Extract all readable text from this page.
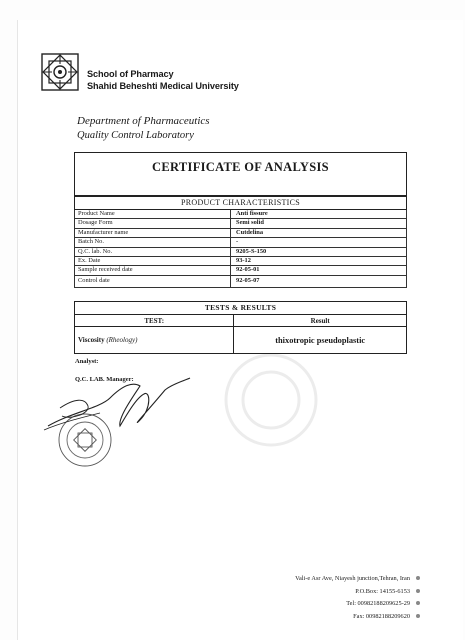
School of Pharmacy
Shahid Beheshti Medical University
Department of Pharmaceutics
Quality Control Laboratory
CERTIFICATE OF ANALYSIS
PRODUCT CHARACTERISTICS
Product Name	Anti fissure
Dosage Form	Semi solid
Manufacturer name	Cutdelina
Batch No.	-
Q.C. lab. No.	9205-S-150
Ex. Date	93-12
Sample received date	92-05-01
Control date	92-05-07
TESTS & RESULTS
TEST:	Result
Viscosity (Rheology)	thixotropic pseudoplastic
Analyst:
Q.C. LAB. Manager:
Vali-e Asr Ave, Niayesh junction,Tehran, Iran
P.O.Box: 14155-6153
Tel: 00982188209625-29
Fax: 00982188209620
